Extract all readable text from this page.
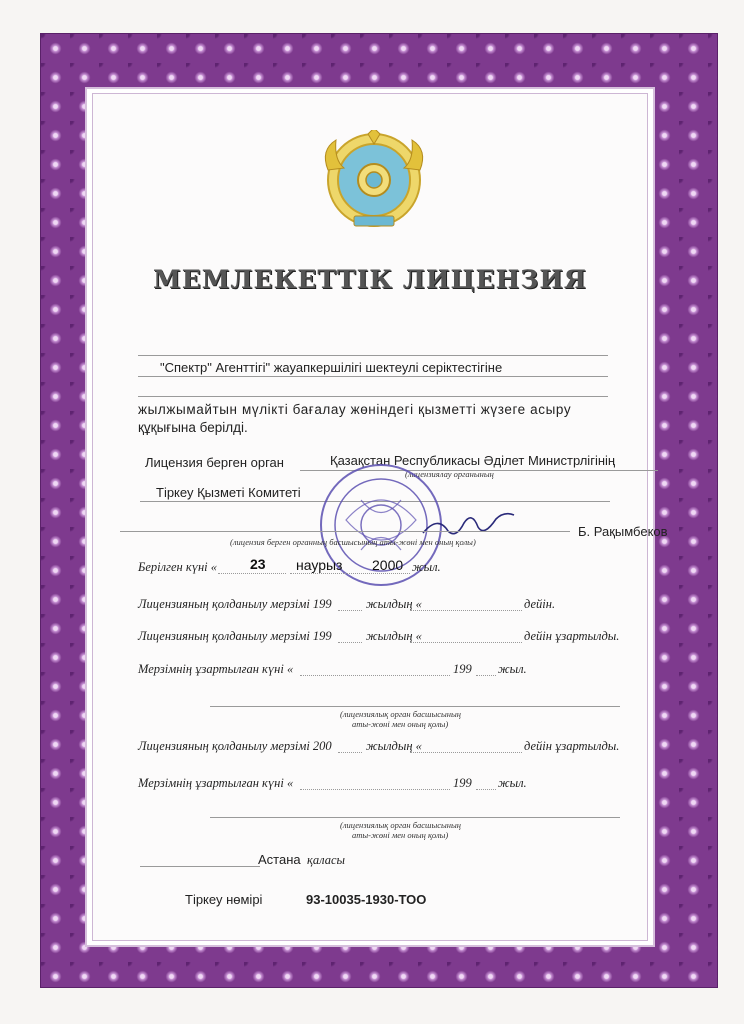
МЕМЛЕКЕТТІК ЛИЦЕНЗИЯ
"Спектр" Агенттігі" жауапкершілігі шектеулі серіктестігіне
жылжымайтын мүлікті бағалау жөніндегі қызметті жүзеге асыру
құқығына берілді.
Лицензия берген орган	Қазақстан Республикасы Әділет Министрлігінің
(лицензиялау органының
Тіркеу Қызметі Комитеті
Б. Рақымбеков
(лицензия берген органның басшысының аты-жөні мен оның қолы)
Берілген күні « 23 наурыз 2000 жыл.
Лицензияның қолданылу мерзімі 199	жылдың «	дейін.
Лицензияның қолданылу мерзімі 199	жылдың «	дейін ұзартылды.
Мерзімнің ұзартылған күні «	199 жыл.
(лицензиялық орган басшысының
аты-жөні мен оның қолы)
Лицензияның қолданылу мерзімі 200	жылдың «	дейін ұзартылды.
Мерзімнің ұзартылған күні «	199 жыл.
(лицензиялық орган басшысының
аты-жөні мен оның қолы)
Астана қаласы
Тіркеу нөмірі	93-10035-1930-ТОО
